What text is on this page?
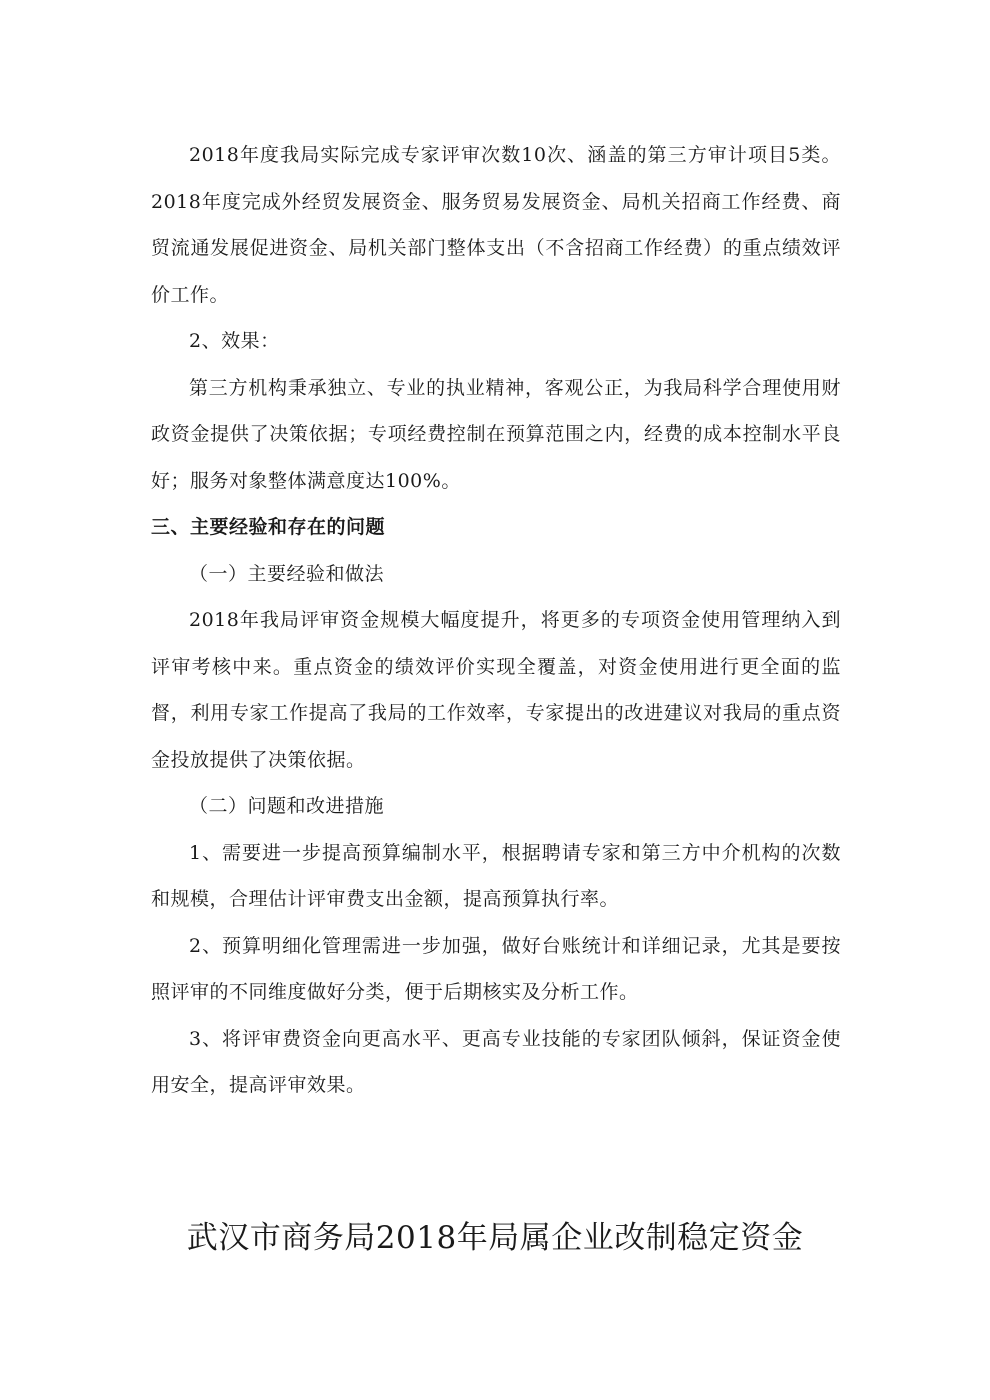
2018年度我局实际完成专家评审次数10次、涵盖的第三方审计项目5类。2018年度完成外经贸发展资金、服务贸易发展资金、局机关招商工作经费、商贸流通发展促进资金、局机关部门整体支出（不含招商工作经费）的重点绩效评价工作。

2、效果：

第三方机构秉承独立、专业的执业精神，客观公正，为我局科学合理使用财政资金提供了决策依据；专项经费控制在预算范围之内，经费的成本控制水平良好；服务对象整体满意度达100%。

三、主要经验和存在的问题

（一）主要经验和做法

2018年我局评审资金规模大幅度提升，将更多的专项资金使用管理纳入到评审考核中来。重点资金的绩效评价实现全覆盖，对资金使用进行更全面的监督，利用专家工作提高了我局的工作效率，专家提出的改进建议对我局的重点资金投放提供了决策依据。

（二）问题和改进措施

1、需要进一步提高预算编制水平，根据聘请专家和第三方中介机构的次数和规模，合理估计评审费支出金额，提高预算执行率。

2、预算明细化管理需进一步加强，做好台账统计和详细记录，尤其是要按照评审的不同维度做好分类，便于后期核实及分析工作。

3、将评审费资金向更高水平、更高专业技能的专家团队倾斜，保证资金使用安全，提高评审效果。

武汉市商务局2018年局属企业改制稳定资金
